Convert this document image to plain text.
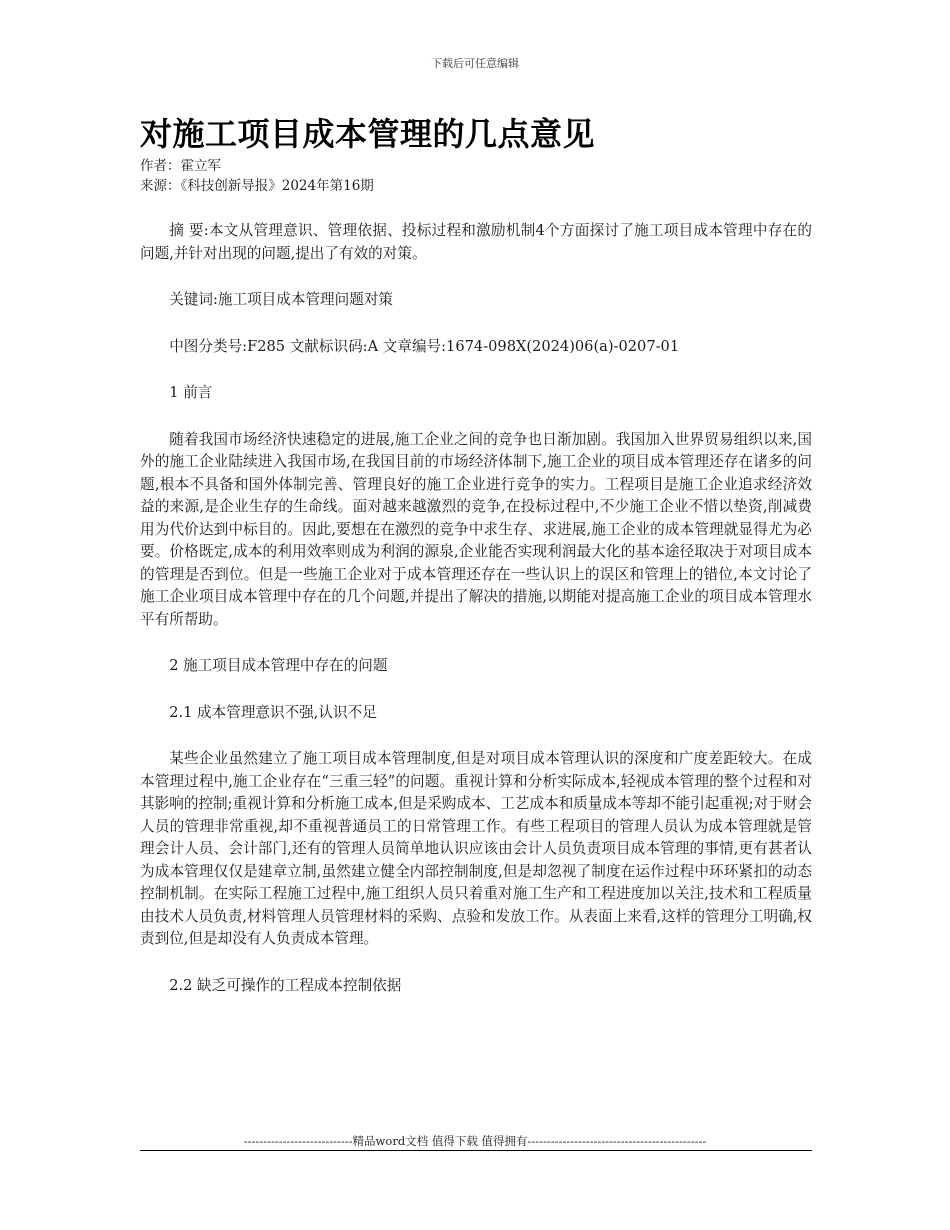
下载后可任意编辑
对施工项目成本管理的几点意见

作者：霍立军

来源：《科技创新导报》2024年第16期

摘 要:本文从管理意识、管理依据、投标过程和激励机制4个方面探讨了施工项目成本管理中存在的问题,并针对出现的问题,提出了有效的对策。

关键词:施工项目成本管理问题对策

中图分类号:F285 文献标识码:A 文章编号:1674-098X(2024)06(a)-0207-01

1 前言

随着我国市场经济快速稳定的进展,施工企业之间的竞争也日渐加剧。我国加入世界贸易组织以来,国外的施工企业陆续进入我国市场,在我国目前的市场经济体制下,施工企业的项目成本管理还存在诸多的问题,根本不具备和国外体制完善、管理良好的施工企业进行竞争的实力。工程项目是施工企业追求经济效益的来源,是企业生存的生命线。面对越来越激烈的竞争,在投标过程中,不少施工企业不惜以垫资,削减费用为代价达到中标目的。因此,要想在在激烈的竞争中求生存、求进展,施工企业的成本管理就显得尤为必要。价格既定,成本的利用效率则成为利润的源泉,企业能否实现利润最大化的基本途径取决于对项目成本的管理是否到位。但是一些施工企业对于成本管理还存在一些认识上的误区和管理上的错位,本文讨论了施工企业项目成本管理中存在的几个问题,并提出了解决的措施,以期能对提高施工企业的项目成本管理水平有所帮助。

2 施工项目成本管理中存在的问题

2.1 成本管理意识不强,认识不足

某些企业虽然建立了施工项目成本管理制度,但是对项目成本管理认识的深度和广度差距较大。在成本管理过程中,施工企业存在“三重三轻”的问题。重视计算和分析实际成本,轻视成本管理的整个过程和对其影响的控制;重视计算和分析施工成本,但是采购成本、工艺成本和质量成本等却不能引起重视;对于财会人员的管理非常重视,却不重视普通员工的日常管理工作。有些工程项目的管理人员认为成本管理就是管理会计人员、会计部门,还有的管理人员简单地认识应该由会计人员负责项目成本管理的事情,更有甚者认为成本管理仅仅是建章立制,虽然建立健全内部控制制度,但是却忽视了制度在运作过程中环环紧扣的动态控制机制。在实际工程施工过程中,施工组织人员只着重对施工生产和工程进度加以关注,技术和工程质量由技术人员负责,材料管理人员管理材料的采购、点验和发放工作。从表面上来看,这样的管理分工明确,权责到位,但是却没有人负责成本管理。

2.2 缺乏可操作的工程成本控制依据

----------------------------精品word文档 值得下载 值得拥有----------------------------------------------
